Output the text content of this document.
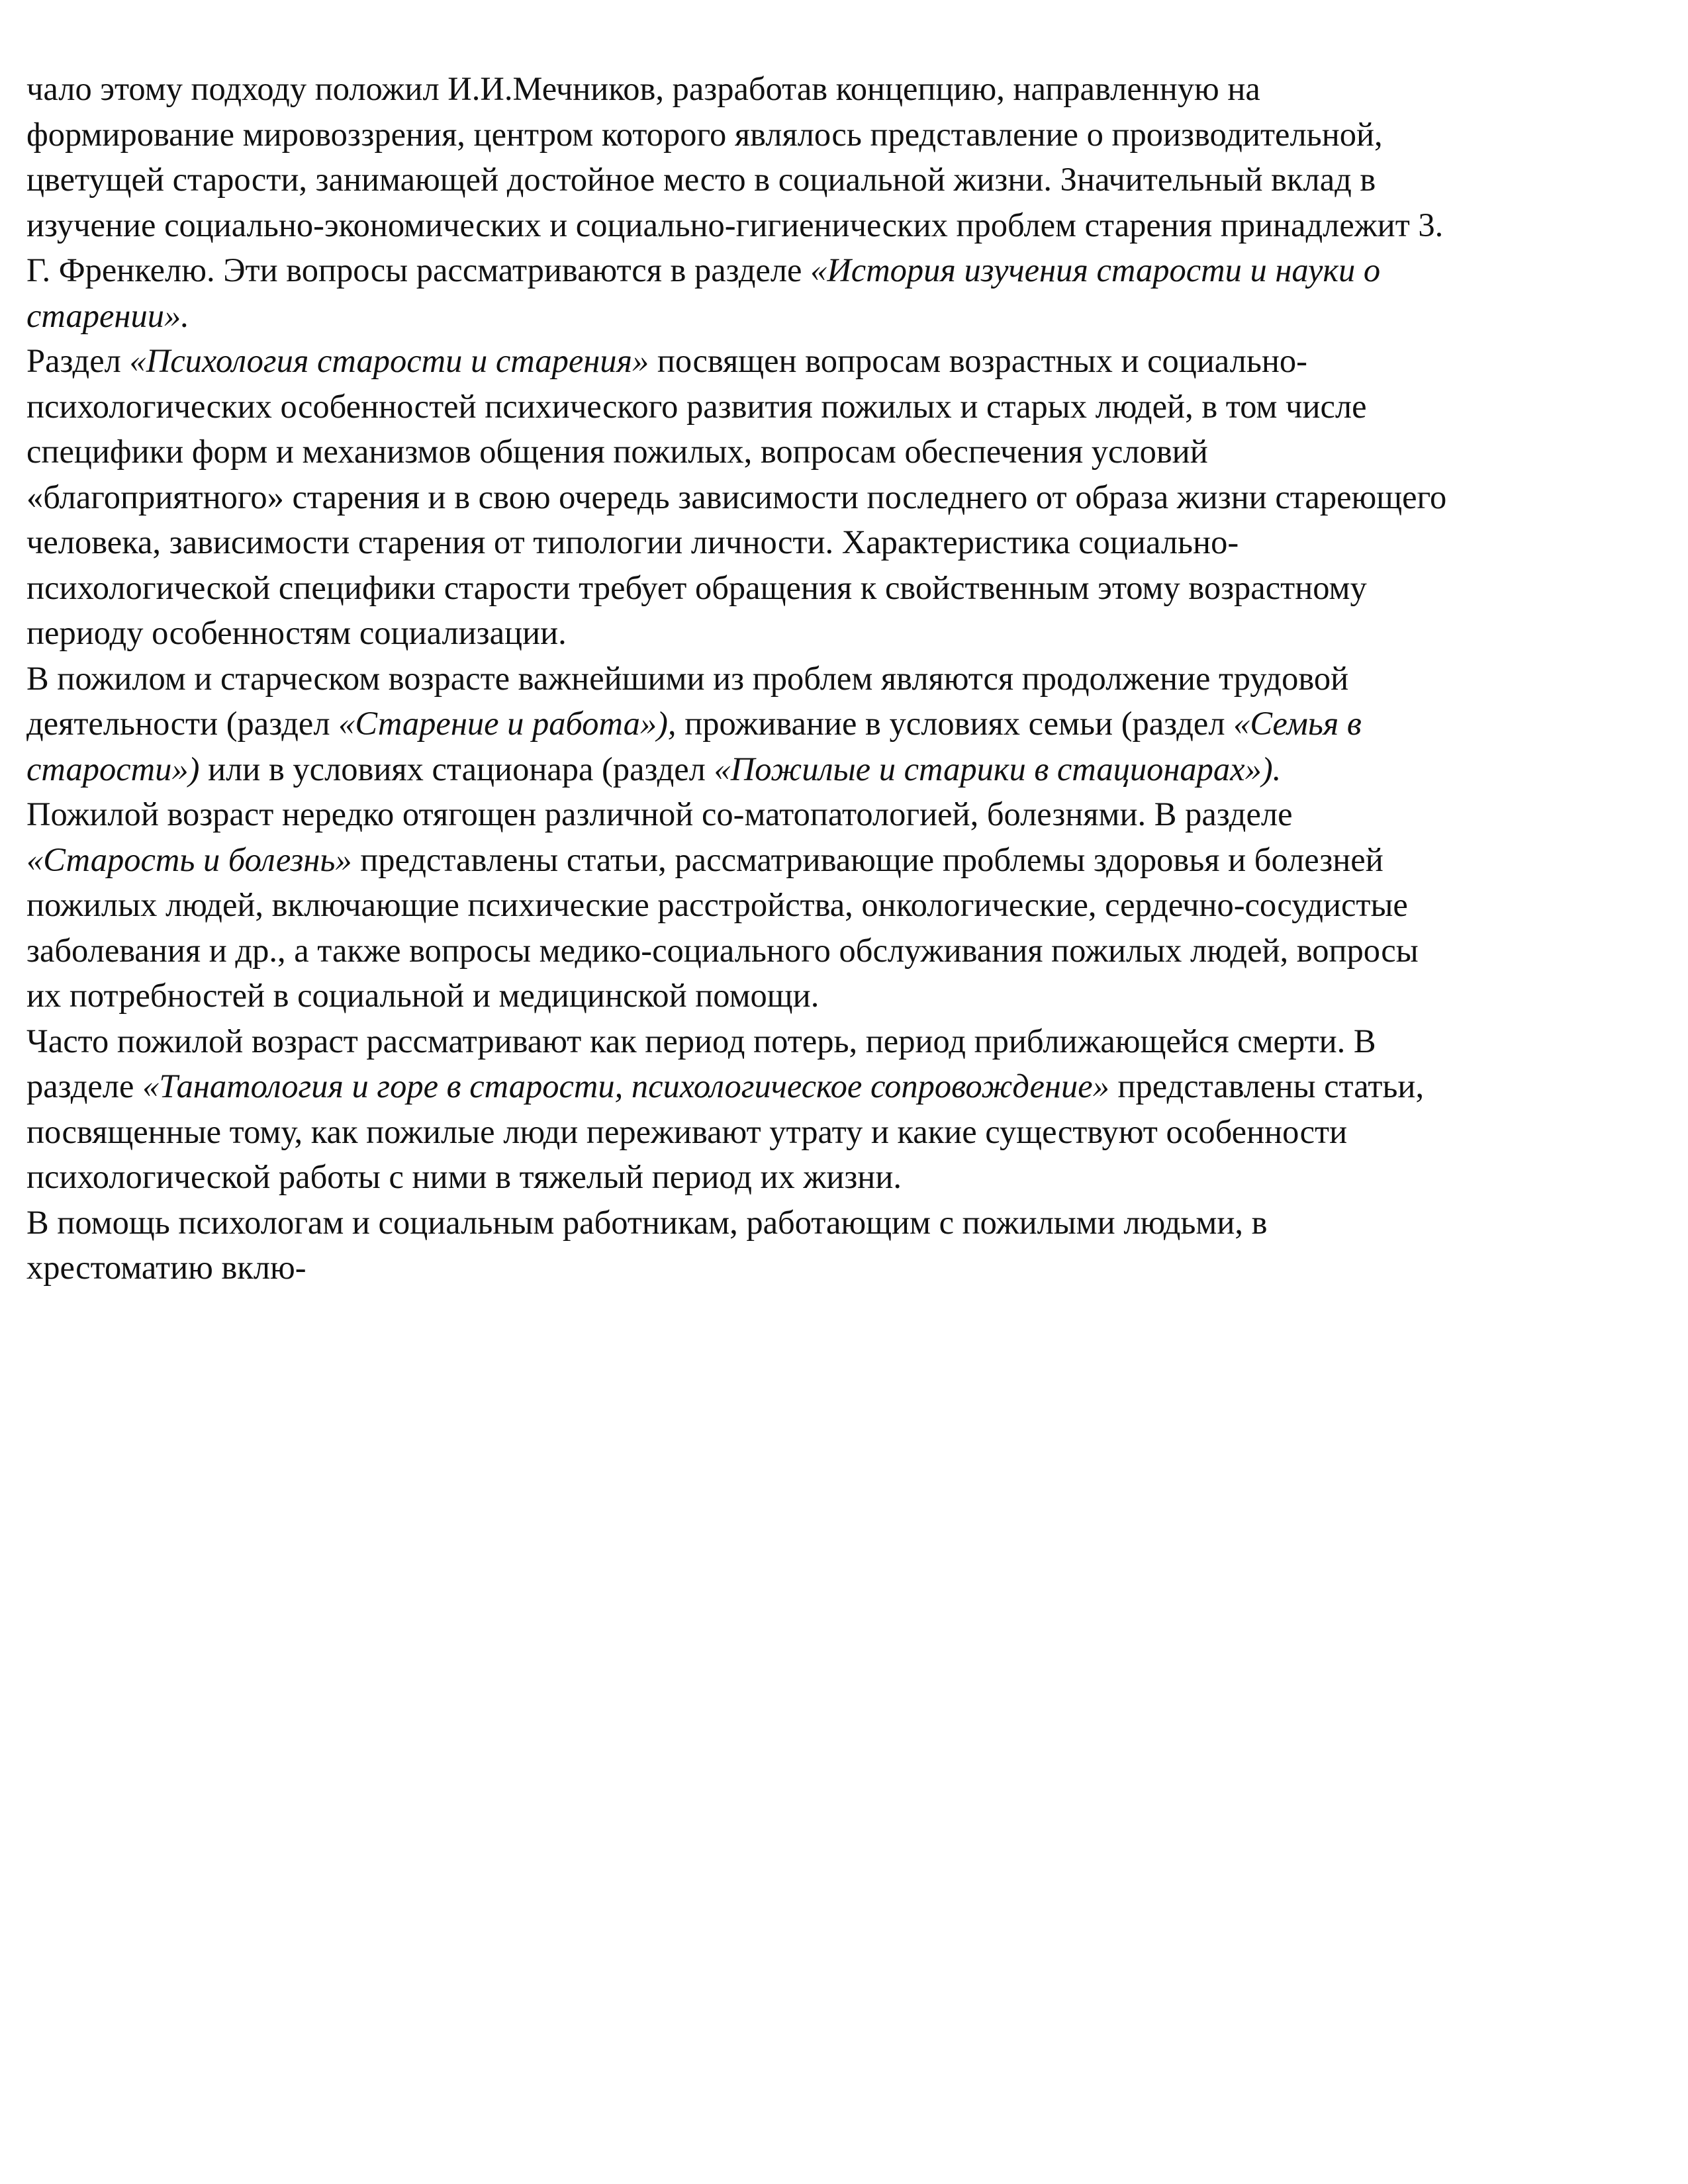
чало этому подходу положил И.И.Мечников, разработав концепцию, направленную на
формирование мировоззрения, центром которого являлось представление о производительной,
цветущей старости, занимающей достойное место в социальной жизни. Значительный вклад в
изучение социально-экономических и социально-гигиенических проблем старения принадлежит 3.
Г. Френкелю. Эти вопросы рассматриваются в разделе «История изучения старости и науки о
старении».
Раздел «Психология старости и старения» посвящен вопросам возрастных и социально-
психологических особенностей психического развития пожилых и старых людей, в том числе
специфики форм и механизмов общения пожилых, вопросам обеспечения условий
«благоприятного» старения и в свою очередь зависимости последнего от образа жизни стареющего
человека, зависимости старения от типологии личности. Характеристика социально-
психологической специфики старости требует обращения к свойственным этому возрастному
периоду особенностям социализации.
В пожилом и старческом возрасте важнейшими из проблем являются продолжение трудовой
деятельности (раздел «Старение и работа»), проживание в условиях семьи (раздел «Семья в
старости») или в условиях стационара (раздел «Пожилые и старики в стационарах»).
Пожилой возраст нередко отягощен различной со-матопатологией, болезнями. В разделе
«Старость и болезнь» представлены статьи, рассматривающие проблемы здоровья и болезней
пожилых людей, включающие психические расстройства, онкологические, сердечно-сосудистые
заболевания и др., а также вопросы медико-социального обслуживания пожилых людей, вопросы
их потребностей в социальной и медицинской помощи.
Часто пожилой возраст рассматривают как период потерь, период приближающейся смерти. В
разделе «Танатология и горе в старости, психологическое сопровождение» представлены статьи,
посвященные тому, как пожилые люди переживают утрату и какие существуют особенности
психологической работы с ними в тяжелый период их жизни.
В помощь психологам и социальным работникам, работающим с пожилыми людьми, в
хрестоматию вклю-
